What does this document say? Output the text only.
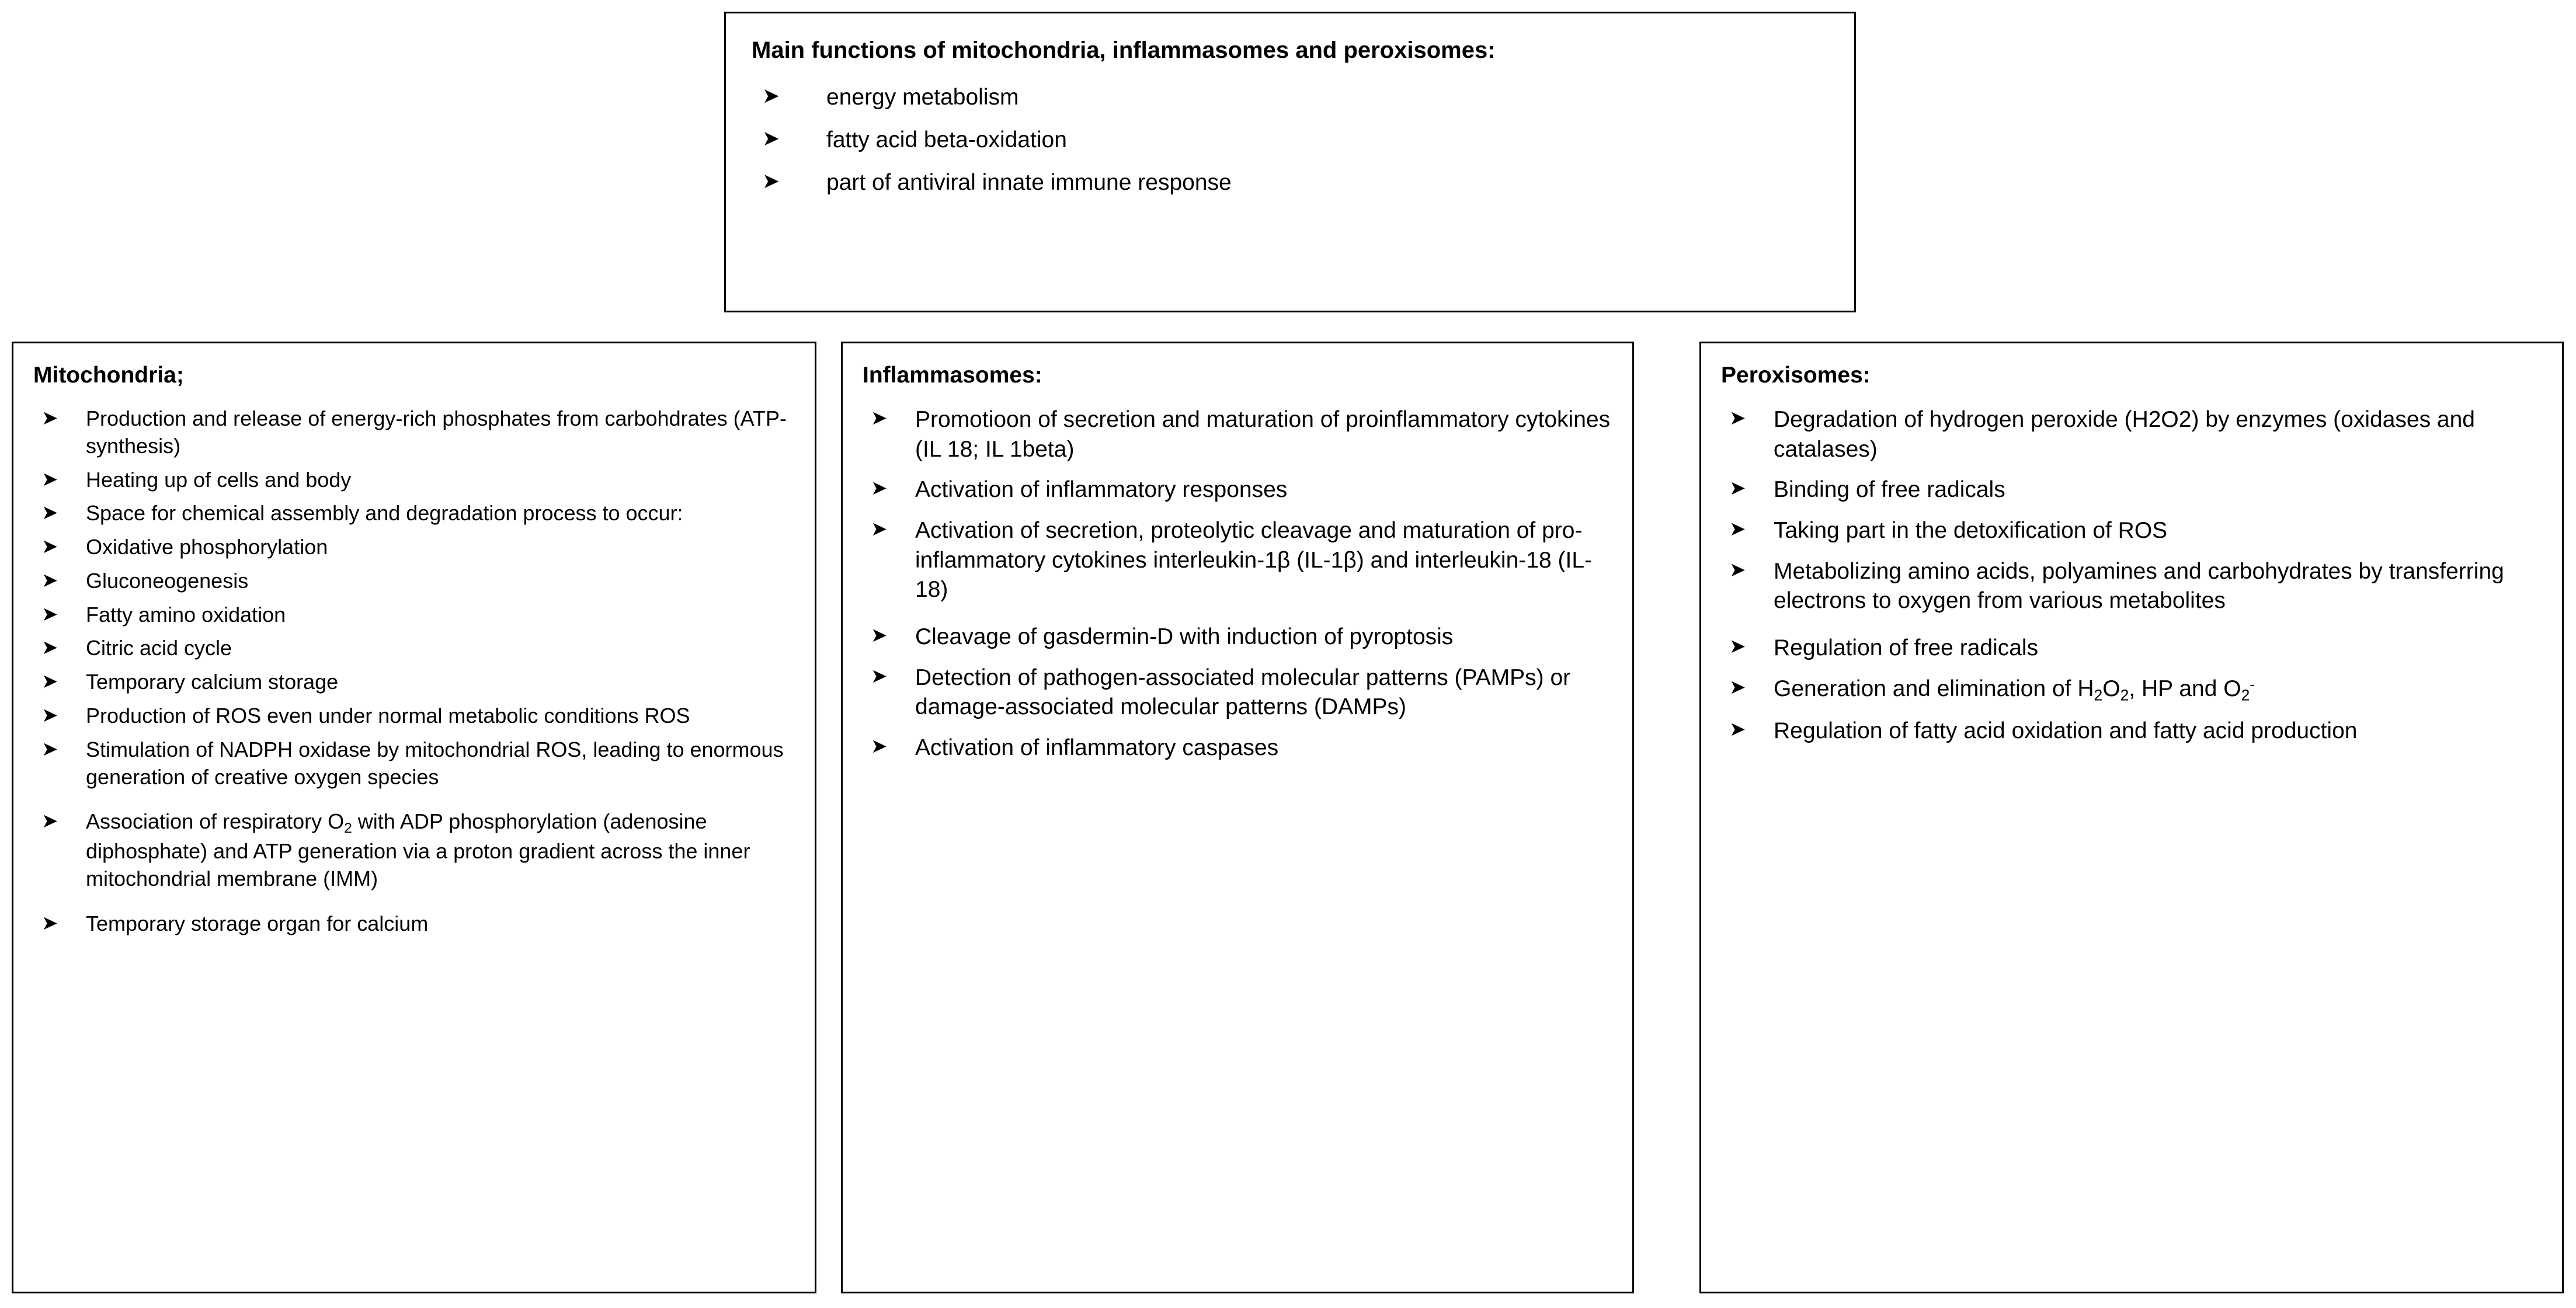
Main functions of mitochondria, inflammasomes and peroxisomes:
➤	energy metabolism
➤	fatty acid beta-oxidation
➤	part of antiviral innate immune response
Mitochondria;
➤	Production and release of energy-rich phosphates from carbohdrates (ATP-synthesis)
➤	Heating up of cells and body
➤	Space for chemical assembly and degradation process to occur:
➤	Oxidative phosphorylation
➤	Gluconeogenesis
➤	Fatty amino oxidation
➤	Citric acid cycle
➤	Temporary calcium storage
➤	Production of ROS even under normal metabolic conditions ROS
➤	Stimulation of NADPH oxidase by mitochondrial ROS, leading to enormous generation of creative oxygen species
➤	Association of respiratory $O_2$ with ADP phosphorylation (adenosine diphosphate) and ATP generation via a proton gradient across the inner mitochondrial membrane (IMM)
➤	Temporary storage organ for calcium
Inflammasomes:
➤	Promotioon of secretion and maturation of proinflammatory cytokines (IL 18; IL 1beta)
➤	Activation of inflammatory responses
➤	Activation of secretion, proteolytic cleavage and maturation of pro-inflammatory cytokines interleukin-1β (IL-1β) and interleukin-18 (IL-18)
➤	Cleavage of gasdermin-D with induction of pyroptosis
➤	Detection of pathogen-associated molecular patterns (PAMPs) or damage-associated molecular patterns (DAMPs)
➤	Activation of inflammatory caspases
Peroxisomes:
➤	Degradation of hydrogen peroxide (H2O2) by enzymes (oxidases and catalases)
➤	Binding of free radicals
➤	Taking part in the detoxification of ROS
➤	Metabolizing amino acids, polyamines and carbohydrates by transferring electrons to oxygen from various metabolites
➤	Regulation of free radicals
➤	Generation and elimination of $H_2O_2$, HP and $O_2^-$
➤	Regulation of fatty acid oxidation and fatty acid production
